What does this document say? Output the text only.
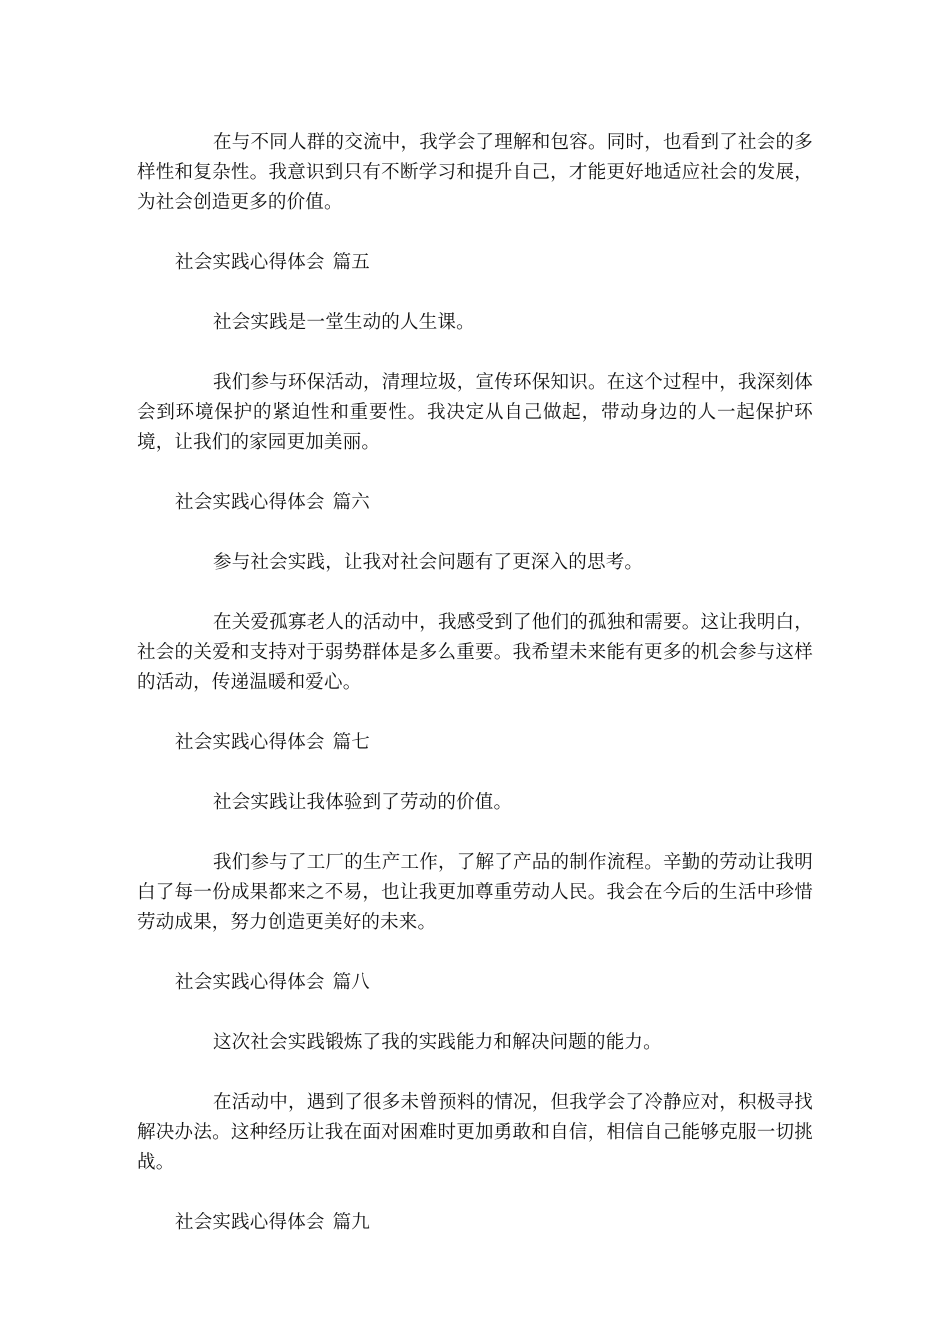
在与不同人群的交流中，我学会了理解和包容。同时，也看到了社会的多样性和复杂性。我意识到只有不断学习和提升自己，才能更好地适应社会的发展，为社会创造更多的价值。

社会实践心得体会 篇五

社会实践是一堂生动的人生课。

我们参与环保活动，清理垃圾，宣传环保知识。在这个过程中，我深刻体会到环境保护的紧迫性和重要性。我决定从自己做起，带动身边的人一起保护环境，让我们的家园更加美丽。

社会实践心得体会 篇六

参与社会实践，让我对社会问题有了更深入的思考。

在关爱孤寡老人的活动中，我感受到了他们的孤独和需要。这让我明白，社会的关爱和支持对于弱势群体是多么重要。我希望未来能有更多的机会参与这样的活动，传递温暖和爱心。

社会实践心得体会 篇七

社会实践让我体验到了劳动的价值。

我们参与了工厂的生产工作，了解了产品的制作流程。辛勤的劳动让我明白了每一份成果都来之不易，也让我更加尊重劳动人民。我会在今后的生活中珍惜劳动成果，努力创造更美好的未来。

社会实践心得体会 篇八

这次社会实践锻炼了我的实践能力和解决问题的能力。

在活动中，遇到了很多未曾预料的情况，但我学会了冷静应对，积极寻找解决办法。这种经历让我在面对困难时更加勇敢和自信，相信自己能够克服一切挑战。

社会实践心得体会 篇九
